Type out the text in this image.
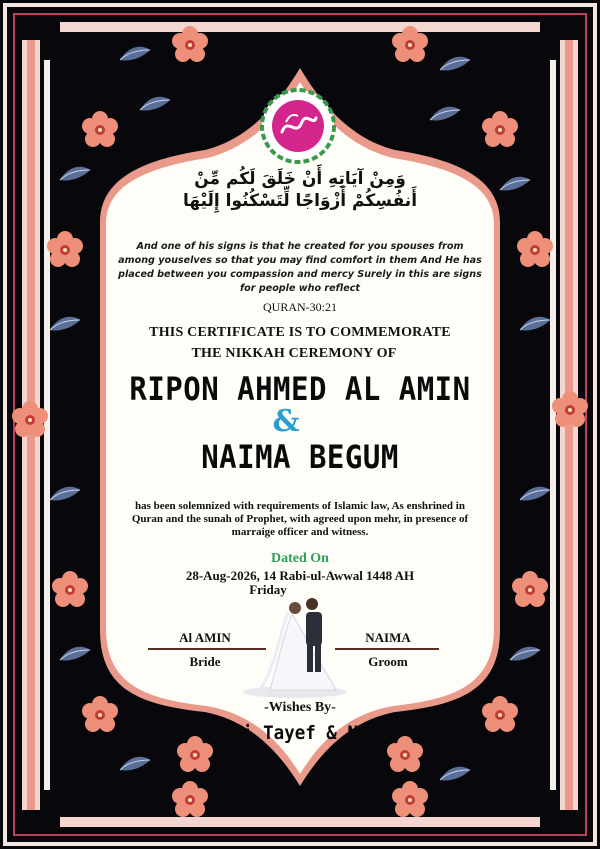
وَمِنْ آيَاتِهِ أَنْ خَلَقَ لَكُم مِّنْ أَنفُسِكُمْ أَزْوَاجًا لِّتَسْكُنُوا إِلَيْهَا
And one of his signs is that he created for you spouses from among youselves so that you may find comfort in them And He has placed between you compassion and mercy Surely in this are signs for people who reflect
QURAN-30:21
THIS CERTIFICATE IS TO COMMEMORATE
THE NIKKAH CEREMONY OF
RIPON AHMED AL AMIN
&
NAIMA BEGUM
has been solemnized with requirements of Islamic law, As enshrined in Quran and the sunah of Prophet, with agreed upon mehr, in presence of marraige officer and witness.
Dated On
28-Aug-2026, 14 Rabi-ul-Awwal 1448 AH
Friday
Al AMIN
Bride
NAIMA
Groom
-Wishes By-
Qari Tayef & Nahi
